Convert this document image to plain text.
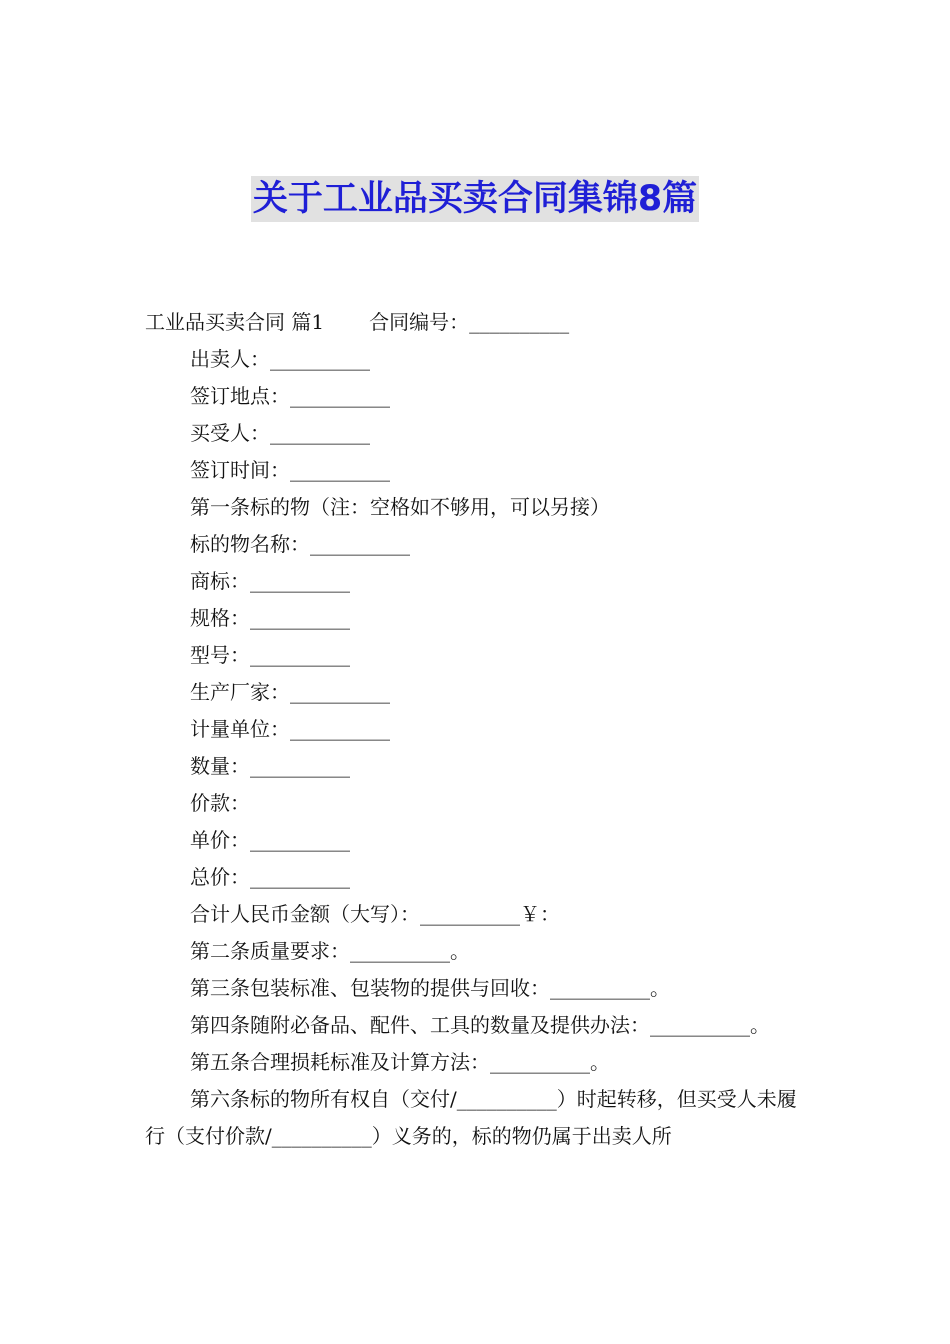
关于工业品买卖合同集锦8篇
工业品买卖合同 篇1 合同编号：__________
出卖人：__________
签订地点：__________
买受人：__________
签订时间：__________
第一条标的物（注：空格如不够用，可以另接）
标的物名称：__________
商标：__________
规格：__________
型号：__________
生产厂家：__________
计量单位：__________
数量：__________
价款：
单价：__________
总价：__________
合计人民币金额（大写）：__________￥：
第二条质量要求：__________。
第三条包装标准、包装物的提供与回收：__________。
第四条随附必备品、配件、工具的数量及提供办法：__________。
第五条合理损耗标准及计算方法：__________。
第六条标的物所有权自（交付/__________）时起转移，但买受人未履行（支付价款/__________）义务的，标的物仍属于出卖人所
